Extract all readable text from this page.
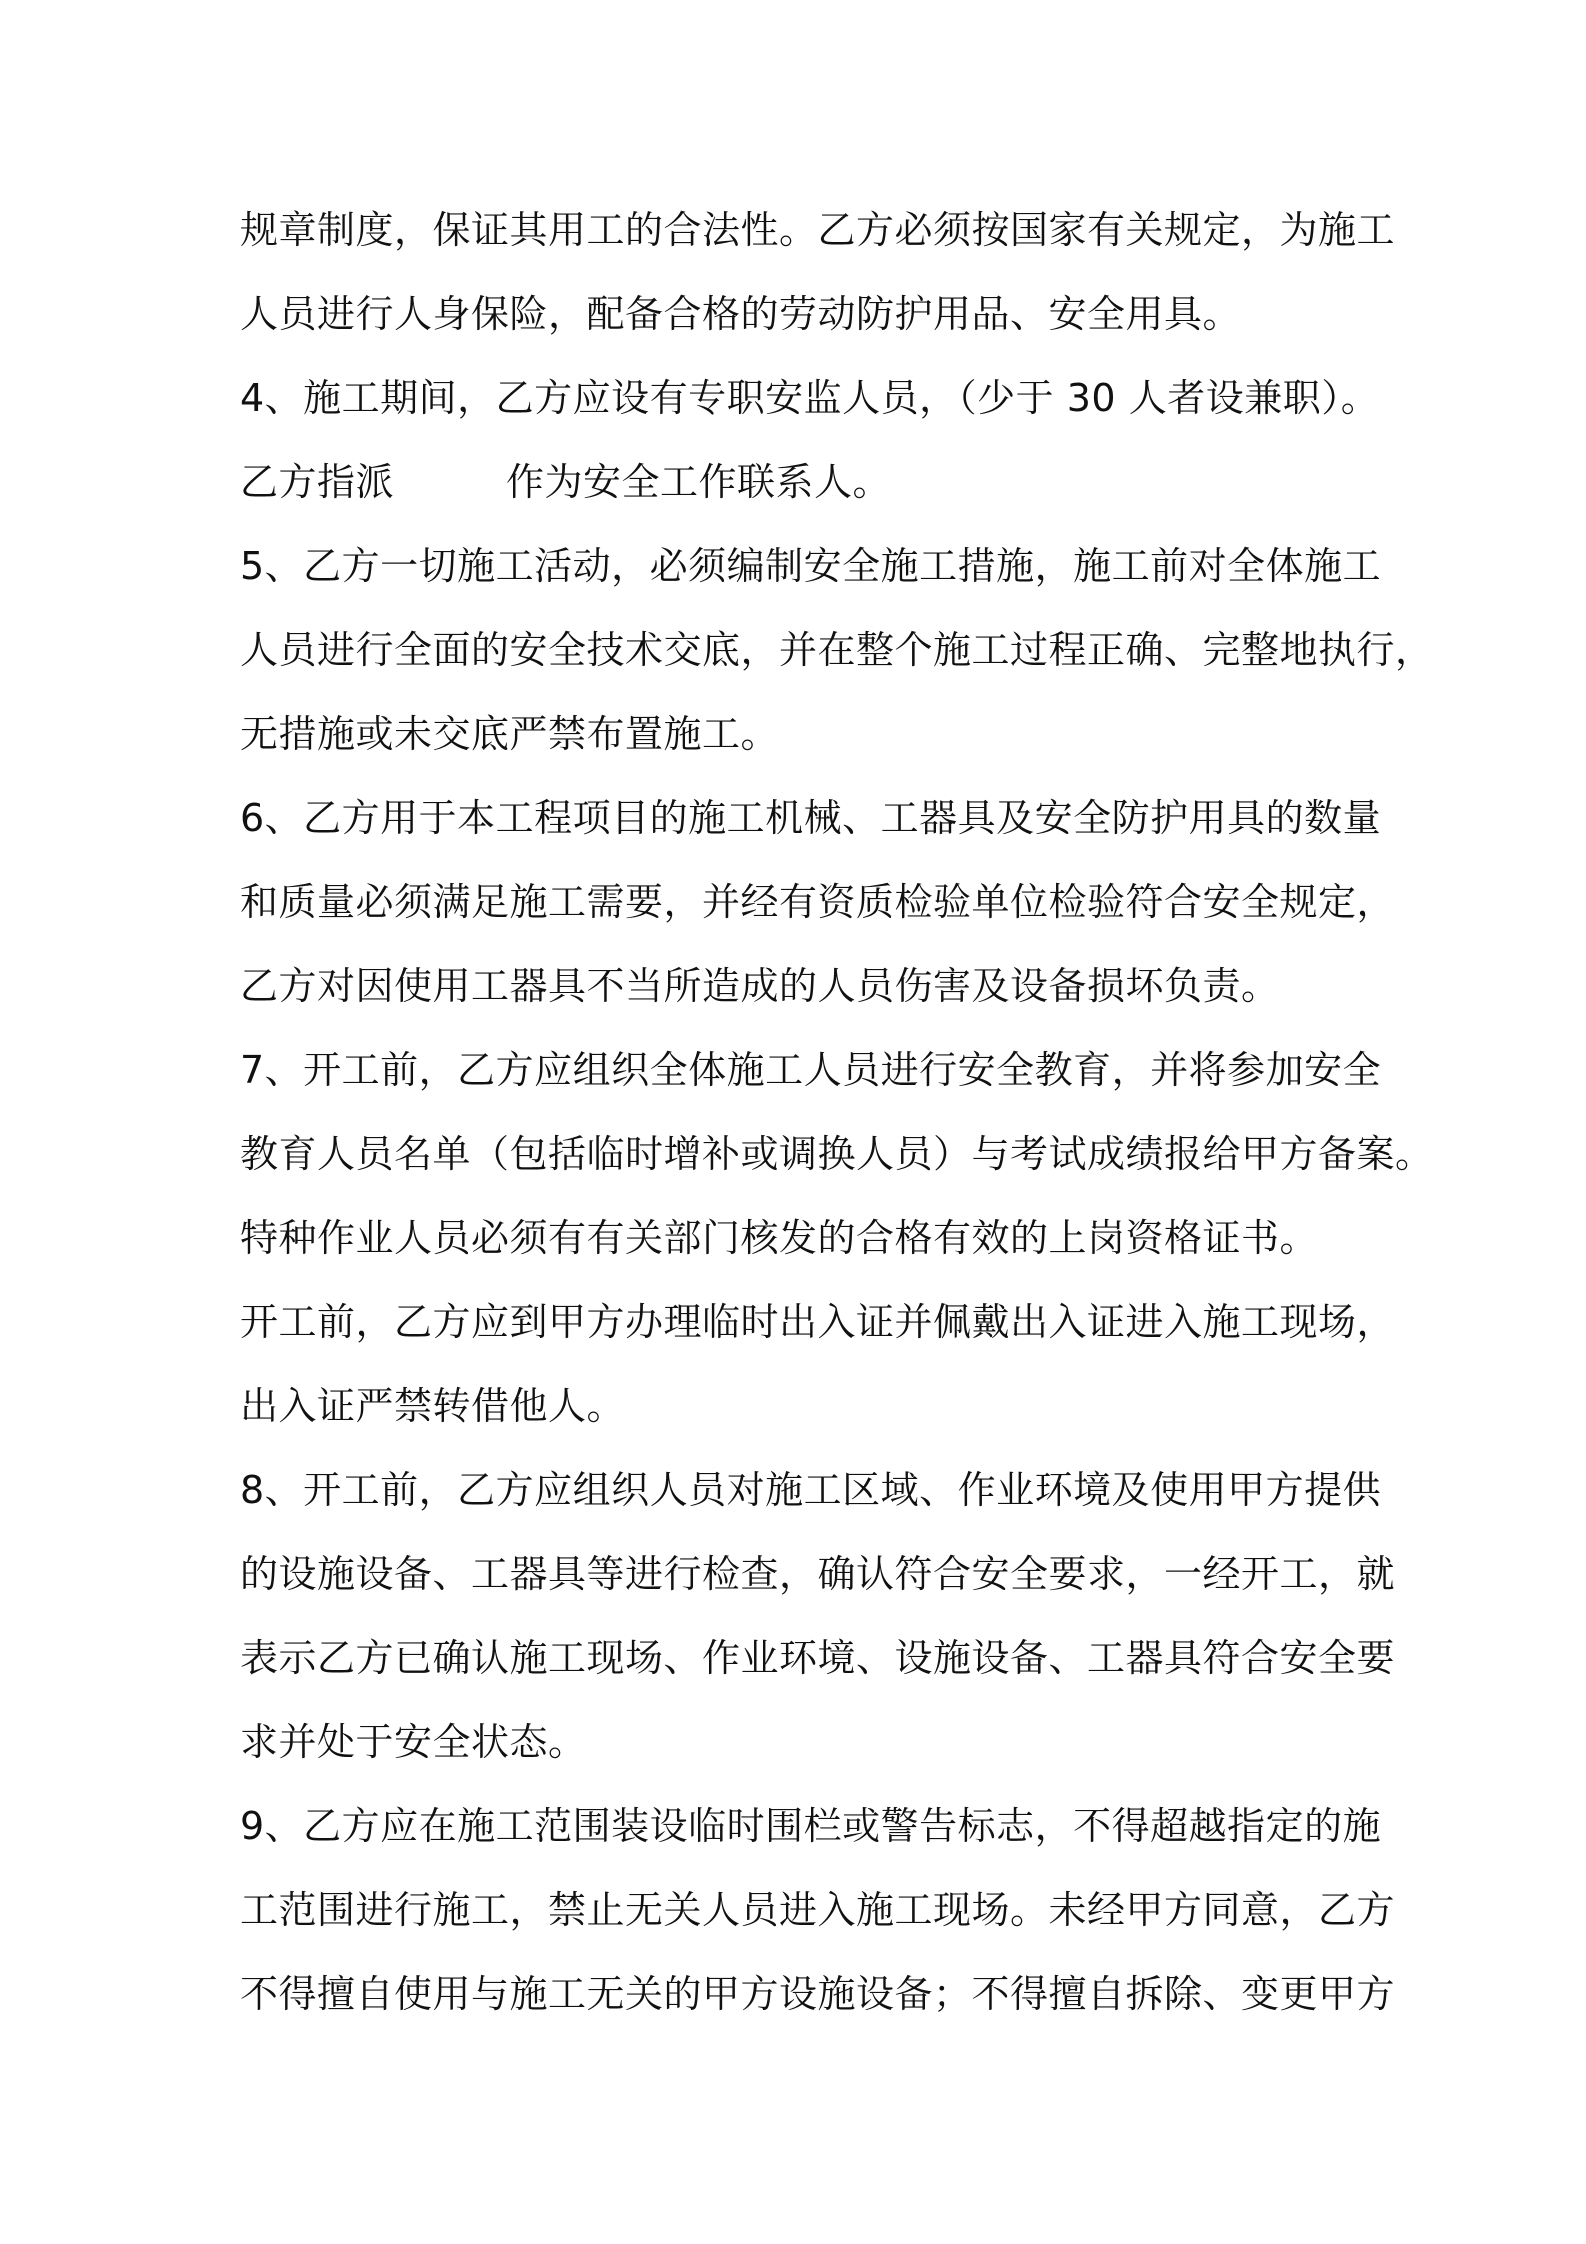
规章制度，保证其用工的合法性。乙方必须按国家有关规定，为施工
人员进行人身保险，配备合格的劳动防护用品、安全用具。
4、施工期间，乙方应设有专职安监人员，（少于 30 人者设兼职）。
乙方指派	作为安全工作联系人。
5、乙方一切施工活动，必须编制安全施工措施，施工前对全体施工
人员进行全面的安全技术交底，并在整个施工过程正确、完整地执行，
无措施或未交底严禁布置施工。
6、乙方用于本工程项目的施工机械、工器具及安全防护用具的数量
和质量必须满足施工需要，并经有资质检验单位检验符合安全规定，
乙方对因使用工器具不当所造成的人员伤害及设备损坏负责。
7、开工前，乙方应组织全体施工人员进行安全教育，并将参加安全
教育人员名单（包括临时增补或调换人员）与考试成绩报给甲方备案。
特种作业人员必须有有关部门核发的合格有效的上岗资格证书。
开工前，乙方应到甲方办理临时出入证并佩戴出入证进入施工现场，
出入证严禁转借他人。
8、开工前，乙方应组织人员对施工区域、作业环境及使用甲方提供
的设施设备、工器具等进行检查，确认符合安全要求，一经开工，就
表示乙方已确认施工现场、作业环境、设施设备、工器具符合安全要
求并处于安全状态。
9、乙方应在施工范围装设临时围栏或警告标志，不得超越指定的施
工范围进行施工，禁止无关人员进入施工现场。未经甲方同意，乙方
不得擅自使用与施工无关的甲方设施设备；不得擅自拆除、变更甲方
